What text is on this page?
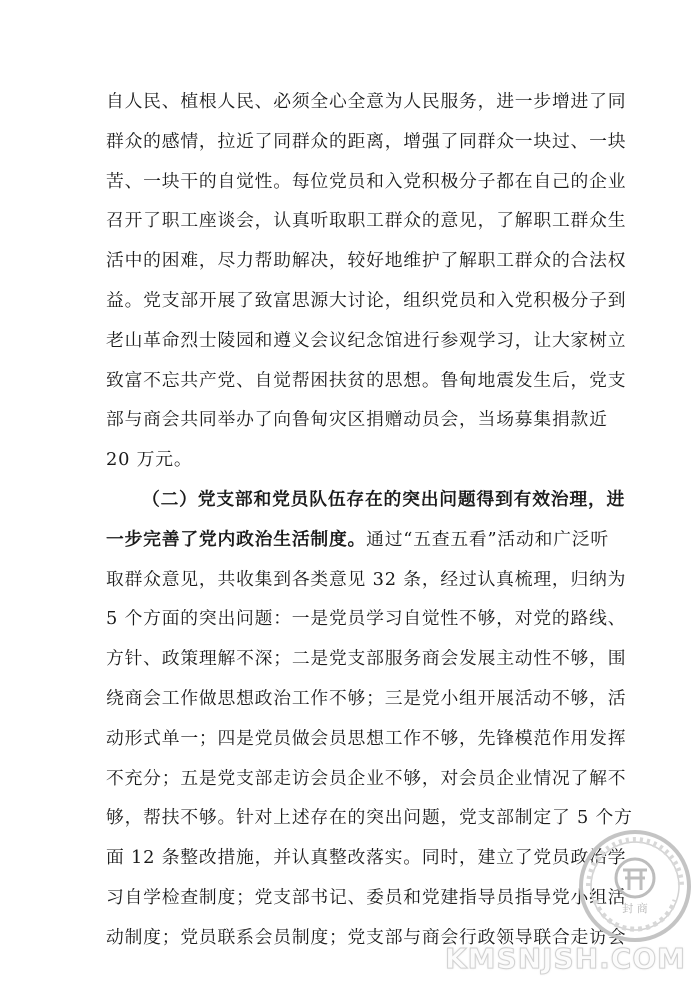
自人民、植根人民、必须全心全意为人民服务，进一步增进了同
群众的感情，拉近了同群众的距离，增强了同群众一块过、一块
苦、一块干的自觉性。每位党员和入党积极分子都在自己的企业
召开了职工座谈会，认真听取职工群众的意见，了解职工群众生
活中的困难，尽力帮助解决，较好地维护了解职工群众的合法权
益。党支部开展了致富思源大讨论，组织党员和入党积极分子到
老山革命烈士陵园和遵义会议纪念馆进行参观学习，让大家树立
致富不忘共产党、自觉帮困扶贫的思想。鲁甸地震发生后，党支
部与商会共同举办了向鲁甸灾区捐赠动员会，当场募集捐款近
20 万元。
（二）党支部和党员队伍存在的突出问题得到有效治理，进
一步完善了党内政治生活制度。通过“五查五看”活动和广泛听
取群众意见，共收集到各类意见 32 条，经过认真梳理，归纳为
5 个方面的突出问题：一是党员学习自觉性不够，对党的路线、
方针、政策理解不深；二是党支部服务商会发展主动性不够，围
绕商会工作做思想政治工作不够；三是党小组开展活动不够，活
动形式单一；四是党员做会员思想工作不够，先锋模范作用发挥
不充分；五是党支部走访会员企业不够，对会员企业情况了解不
够，帮扶不够。针对上述存在的突出问题，党支部制定了 5 个方
面 12 条整改措施，并认真整改落实。同时，建立了党员政治学
习自学检查制度；党支部书记、委员和党建指导员指导党小组活
动制度；党员联系会员制度；党支部与商会行政领导联合走访会
封 商
KMSNJSH.COM
